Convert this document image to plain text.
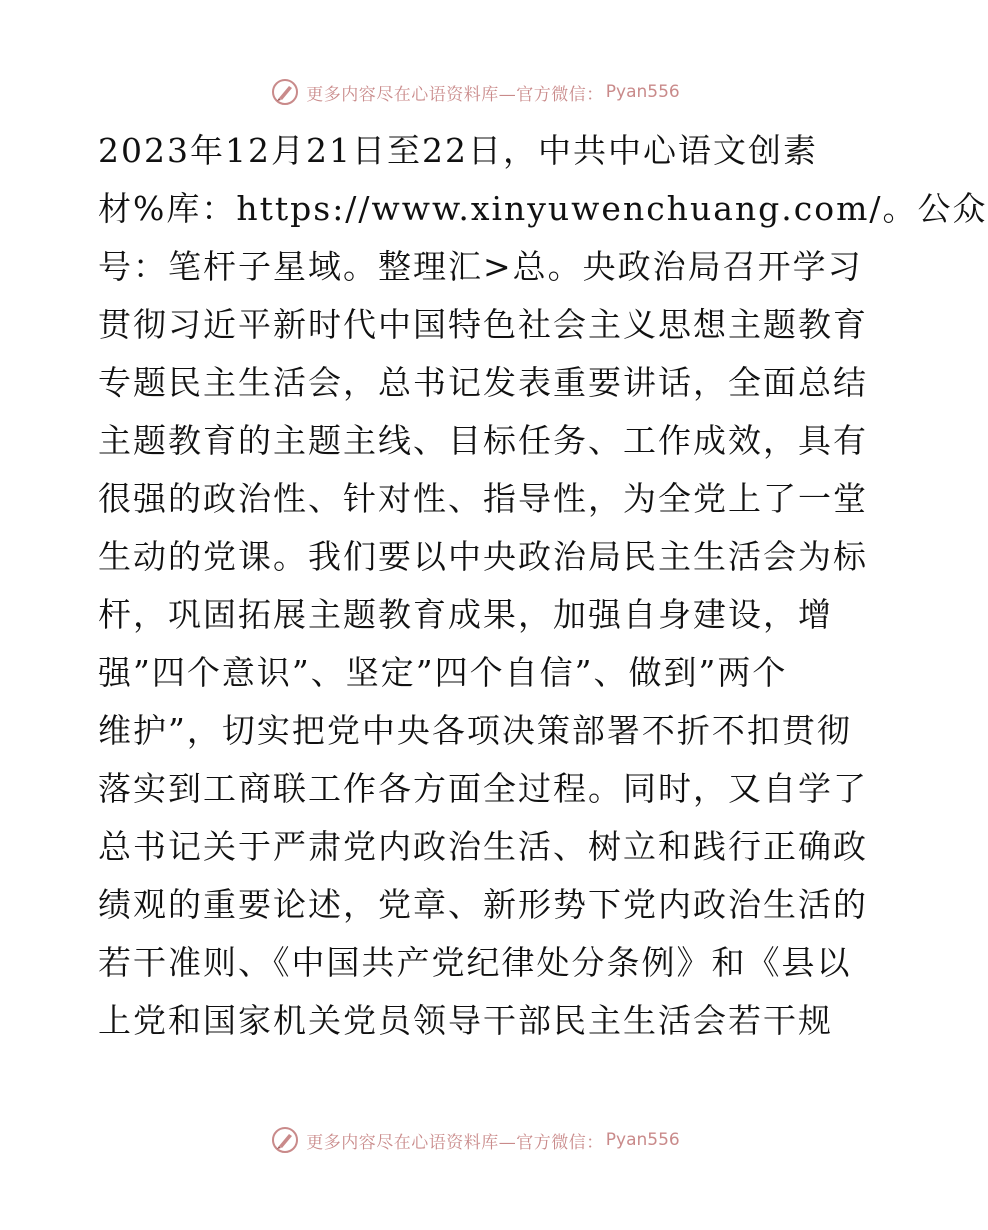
更多内容尽在心语资料库—官方微信： Pyan556
2023年12月21日至22日，中共中心语文创素
材%库：https://www.xinyuwenchuang.com/。公众
号：笔杆子星域。整理汇>总。央政治局召开学习
贯彻习近平新时代中国特色社会主义思想主题教育
专题民主生活会，总书记发表重要讲话，全面总结
主题教育的主题主线、目标任务、工作成效，具有
很强的政治性、针对性、指导性，为全党上了一堂
生动的党课。我们要以中央政治局民主生活会为标
杆，巩固拓展主题教育成果，加强自身建设，增
强”四个意识”、坚定”四个自信”、做到”两个
维护”，切实把党中央各项决策部署不折不扣贯彻
落实到工商联工作各方面全过程。同时，又自学了
总书记关于严肃党内政治生活、树立和践行正确政
绩观的重要论述，党章、新形势下党内政治生活的
若干准则、《中国共产党纪律处分条例》和《县以
上党和国家机关党员领导干部民主生活会若干规
更多内容尽在心语资料库—官方微信： Pyan556
